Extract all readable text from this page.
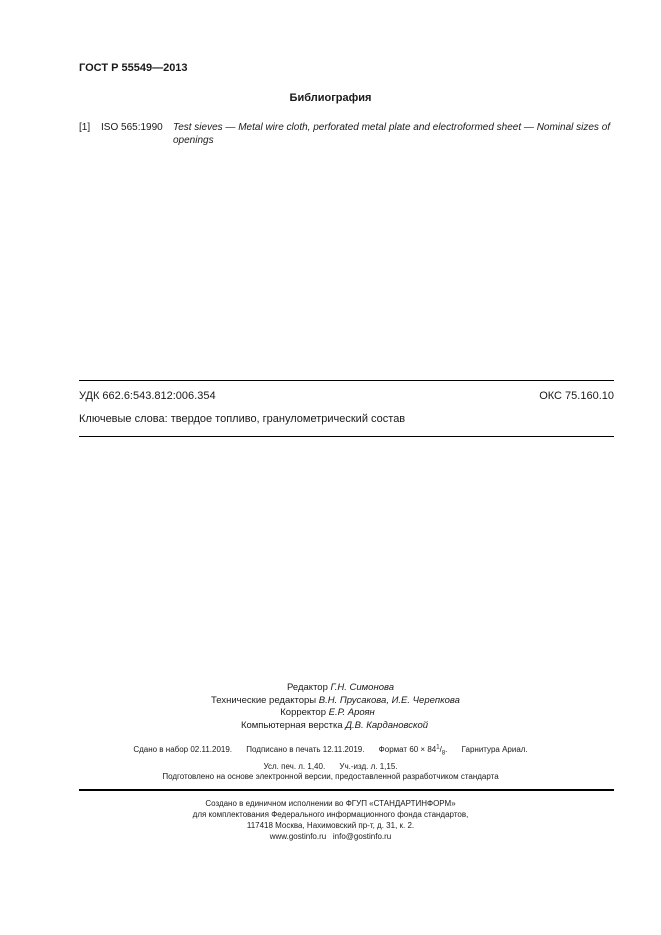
ГОСТ Р 55549—2013
Библиография
[1] ISO 565:1990 Test sieves — Metal wire cloth, perforated metal plate and electroformed sheet — Nominal sizes of openings
УДК 662.6:543.812:006.354	ОКС 75.160.10
Ключевые слова: твердое топливо, гранулометрический состав
Редактор Г.Н. Симонова
Технические редакторы В.Н. Прусакова, И.Е. Черепкова
Корректор Е.Р. Ароян
Компьютерная верстка Д.В. Кардановской
Сдано в набор 02.11.2019. Подписано в печать 12.11.2019. Формат $60 \times 84^1/_8$. Гарнитура Ариал.
Усл. печ. л. 1,40. Уч.-изд. л. 1,15.
Подготовлено на основе электронной версии, предоставленной разработчиком стандарта
Создано в единичном исполнении во ФГУП «СТАНДАРТИНФОРМ»
для комплектования Федерального информационного фонда стандартов,
117418 Москва, Нахимовский пр-т, д. 31, к. 2.
www.gostinfo.ru info@gostinfo.ru
